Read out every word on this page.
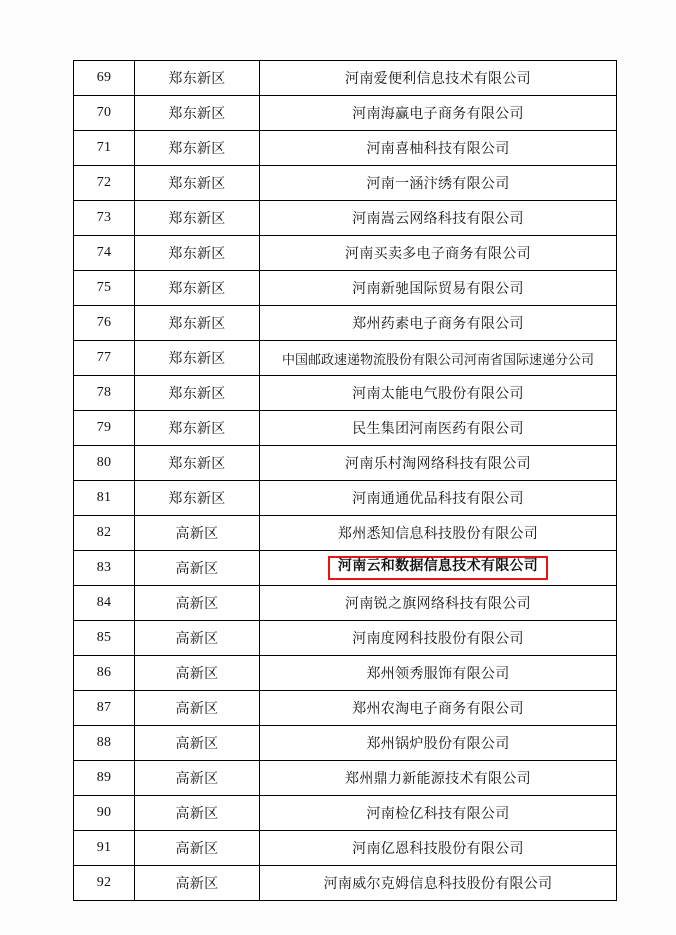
69	郑东新区	河南爱便利信息技术有限公司
70	郑东新区	河南海赢电子商务有限公司
71	郑东新区	河南喜柚科技有限公司
72	郑东新区	河南一涵汴绣有限公司
73	郑东新区	河南嵩云网络科技有限公司
74	郑东新区	河南买卖多电子商务有限公司
75	郑东新区	河南新驰国际贸易有限公司
76	郑东新区	郑州药素电子商务有限公司
77	郑东新区	中国邮政速递物流股份有限公司河南省国际速递分公司
78	郑东新区	河南太能电气股份有限公司
79	郑东新区	民生集团河南医药有限公司
80	郑东新区	河南乐村淘网络科技有限公司
81	郑东新区	河南通通优品科技有限公司
82	高新区	郑州悉知信息科技股份有限公司
83	高新区	河南云和数据信息技术有限公司
84	高新区	河南锐之旗网络科技有限公司
85	高新区	河南度网科技股份有限公司
86	高新区	郑州领秀服饰有限公司
87	高新区	郑州农淘电子商务有限公司
88	高新区	郑州锅炉股份有限公司
89	高新区	郑州鼎力新能源技术有限公司
90	高新区	河南检亿科技有限公司
91	高新区	河南亿恩科技股份有限公司
92	高新区	河南威尔克姆信息科技股份有限公司
